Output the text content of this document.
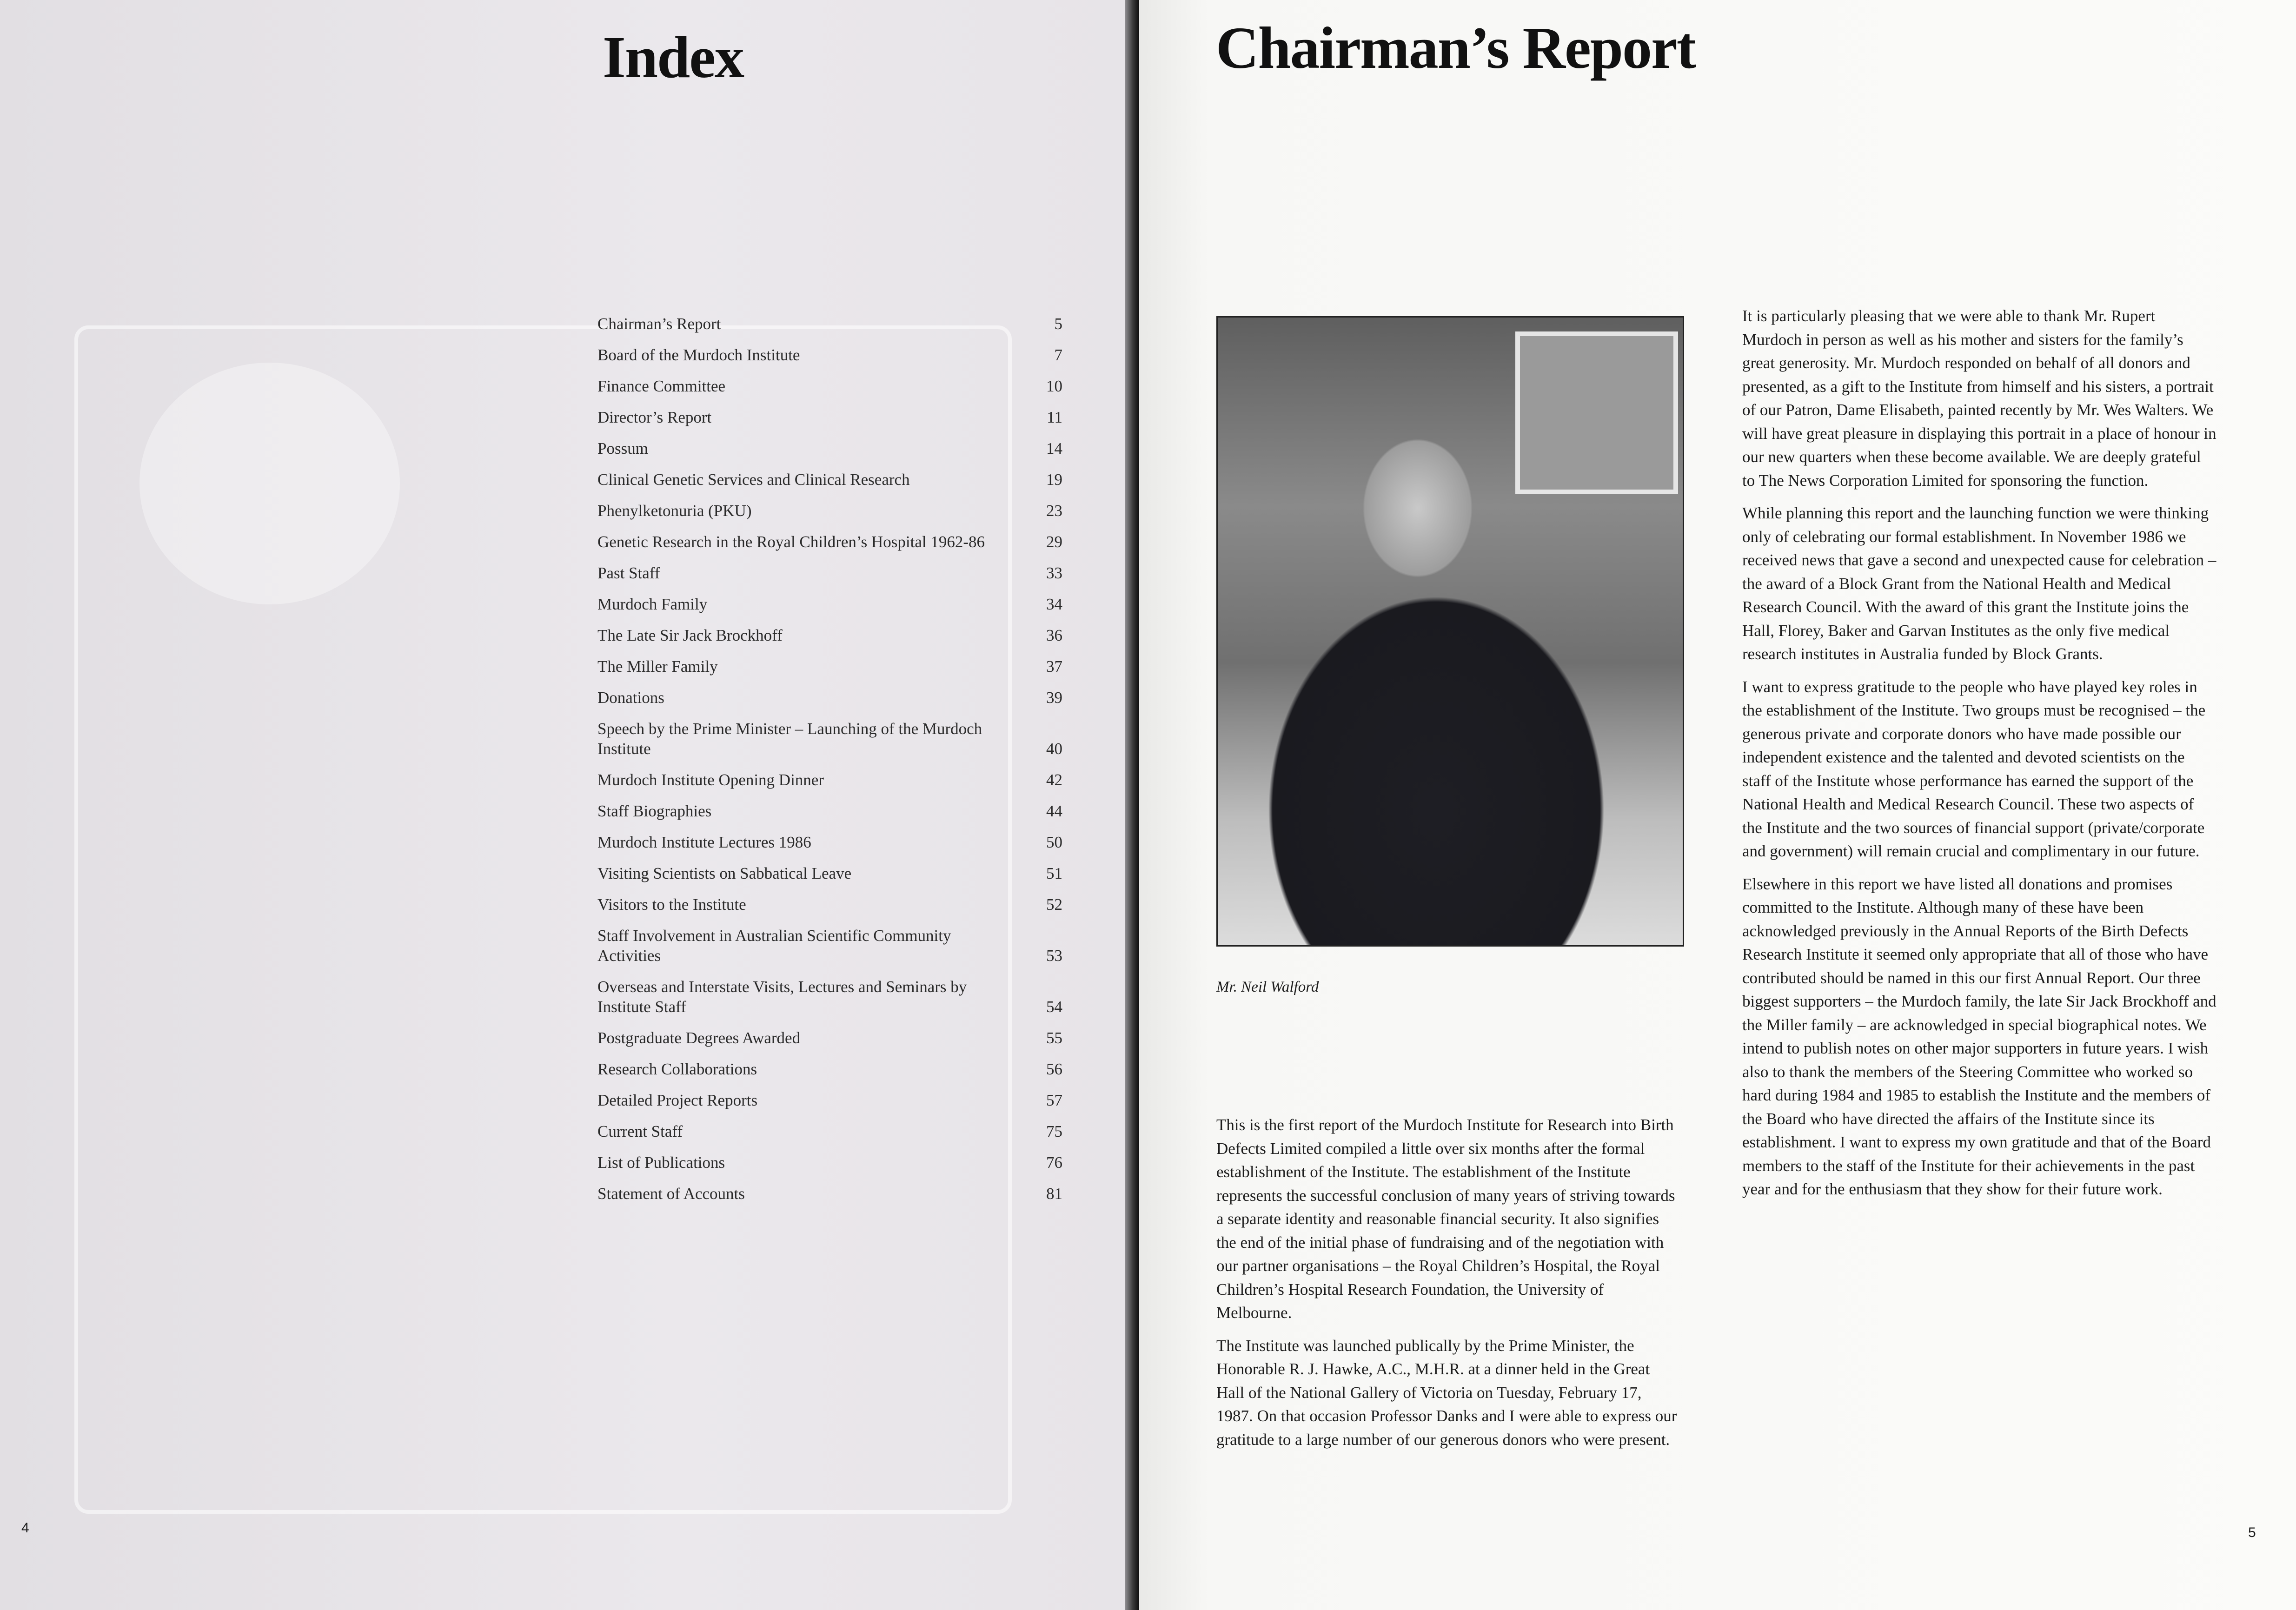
Index
Chairman’s Report	5
Board of the Murdoch Institute	7
Finance Committee	10
Director’s Report	11
Possum	14
Clinical Genetic Services and Clinical Research	19
Phenylketonuria (PKU)	23
Genetic Research in the Royal Children’s Hospital 1962-86	29
Past Staff	33
Murdoch Family	34
The Late Sir Jack Brockhoff	36
The Miller Family	37
Donations	39
Speech by the Prime Minister – Launching of the Murdoch Institute	40
Murdoch Institute Opening Dinner	42
Staff Biographies	44
Murdoch Institute Lectures 1986	50
Visiting Scientists on Sabbatical Leave	51
Visitors to the Institute	52
Staff Involvement in Australian Scientific Community Activities	53
Overseas and Interstate Visits, Lectures and Seminars by Institute Staff	54
Postgraduate Degrees Awarded	55
Research Collaborations	56
Detailed Project Reports	57
Current Staff	75
List of Publications	76
Statement of Accounts	81
4
Chairman’s Report
Mr. Neil Walford

This is the first report of the Murdoch Institute for Research into Birth Defects Limited compiled a little over six months after the formal establishment of the Institute. The establishment of the Institute represents the successful conclusion of many years of striving towards a separate identity and reasonable financial security. It also signifies the end of the initial phase of fundraising and of the negotiation with our partner organisations – the Royal Children’s Hospital, the Royal Children’s Hospital Research Foundation, the University of Melbourne.

The Institute was launched publically by the Prime Minister, the Honorable R. J. Hawke, A.C., M.H.R. at a dinner held in the Great Hall of the National Gallery of Victoria on Tuesday, February 17, 1987. On that occasion Professor Danks and I were able to express our gratitude to a large number of our generous donors who were present.

It is particularly pleasing that we were able to thank Mr. Rupert Murdoch in person as well as his mother and sisters for the family’s great generosity. Mr. Murdoch responded on behalf of all donors and presented, as a gift to the Institute from himself and his sisters, a portrait of our Patron, Dame Elisabeth, painted recently by Mr. Wes Walters. We will have great pleasure in displaying this portrait in a place of honour in our new quarters when these become available. We are deeply grateful to The News Corporation Limited for sponsoring the function.

While planning this report and the launching function we were thinking only of celebrating our formal establishment. In November 1986 we received news that gave a second and unexpected cause for celebration – the award of a Block Grant from the National Health and Medical Research Council. With the award of this grant the Institute joins the Hall, Florey, Baker and Garvan Institutes as the only five medical research institutes in Australia funded by Block Grants.

I want to express gratitude to the people who have played key roles in the establishment of the Institute. Two groups must be recognised – the generous private and corporate donors who have made possible our independent existence and the talented and devoted scientists on the staff of the Institute whose performance has earned the support of the National Health and Medical Research Council. These two aspects of the Institute and the two sources of financial support (private/corporate and government) will remain crucial and complimentary in our future.

Elsewhere in this report we have listed all donations and promises committed to the Institute. Although many of these have been acknowledged previously in the Annual Reports of the Birth Defects Research Institute it seemed only appropriate that all of those who have contributed should be named in this our first Annual Report. Our three biggest supporters – the Murdoch family, the late Sir Jack Brockhoff and the Miller family – are acknowledged in special biographical notes. We intend to publish notes on other major supporters in future years. I wish also to thank the members of the Steering Committee who worked so hard during 1984 and 1985 to establish the Institute and the members of the Board who have directed the affairs of the Institute since its establishment. I want to express my own gratitude and that of the Board members to the staff of the Institute for their achievements in the past year and for the enthusiasm that they show for their future work.

5
